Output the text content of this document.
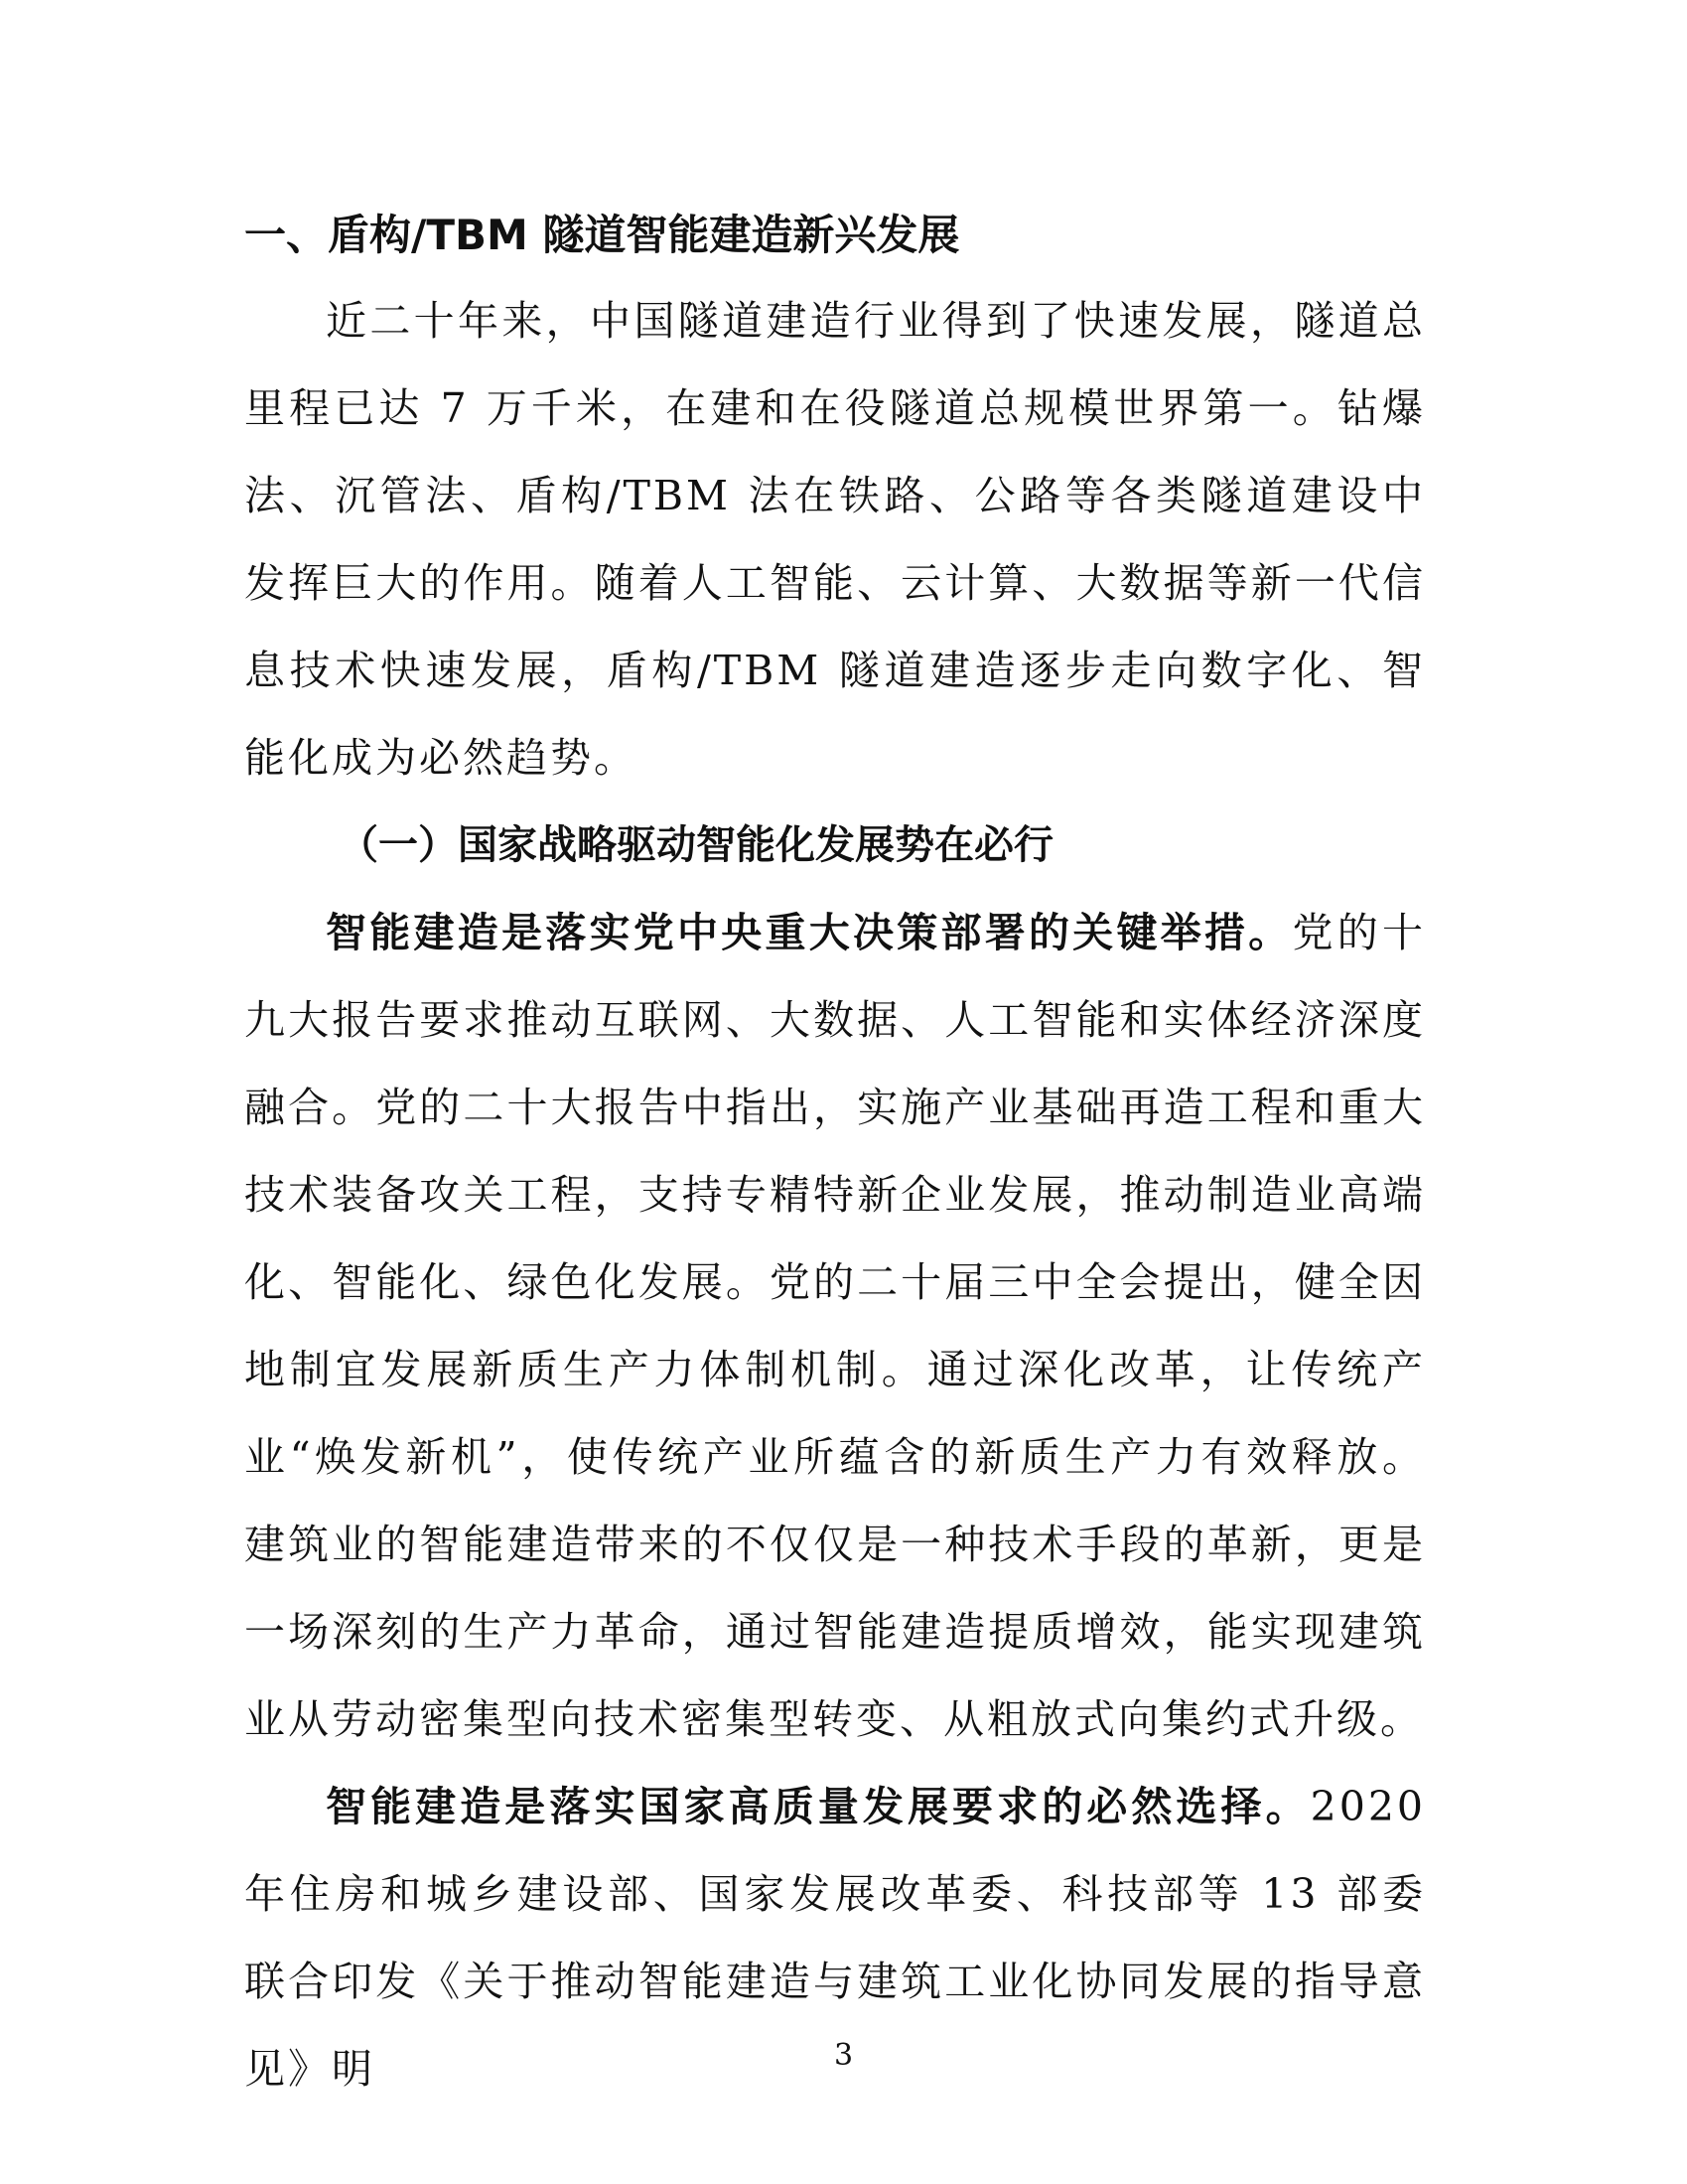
一、盾构/TBM 隧道智能建造新兴发展

近二十年来，中国隧道建造行业得到了快速发展，隧道总里程已达 7 万千米，在建和在役隧道总规模世界第一。钻爆法、沉管法、盾构/TBM 法在铁路、公路等各类隧道建设中发挥巨大的作用。随着人工智能、云计算、大数据等新一代信息技术快速发展，盾构/TBM 隧道建造逐步走向数字化、智能化成为必然趋势。

（一）国家战略驱动智能化发展势在必行

智能建造是落实党中央重大决策部署的关键举措。党的十九大报告要求推动互联网、大数据、人工智能和实体经济深度融合。党的二十大报告中指出，实施产业基础再造工程和重大技术装备攻关工程，支持专精特新企业发展，推动制造业高端化、智能化、绿色化发展。党的二十届三中全会提出，健全因地制宜发展新质生产力体制机制。通过深化改革，让传统产业“焕发新机”，使传统产业所蕴含的新质生产力有效释放。建筑业的智能建造带来的不仅仅是一种技术手段的革新，更是一场深刻的生产力革命，通过智能建造提质增效，能实现建筑业从劳动密集型向技术密集型转变、从粗放式向集约式升级。

智能建造是落实国家高质量发展要求的必然选择。2020 年住房和城乡建设部、国家发展改革委、科技部等 13 部委联合印发《关于推动智能建造与建筑工业化协同发展的指导意见》明	3
